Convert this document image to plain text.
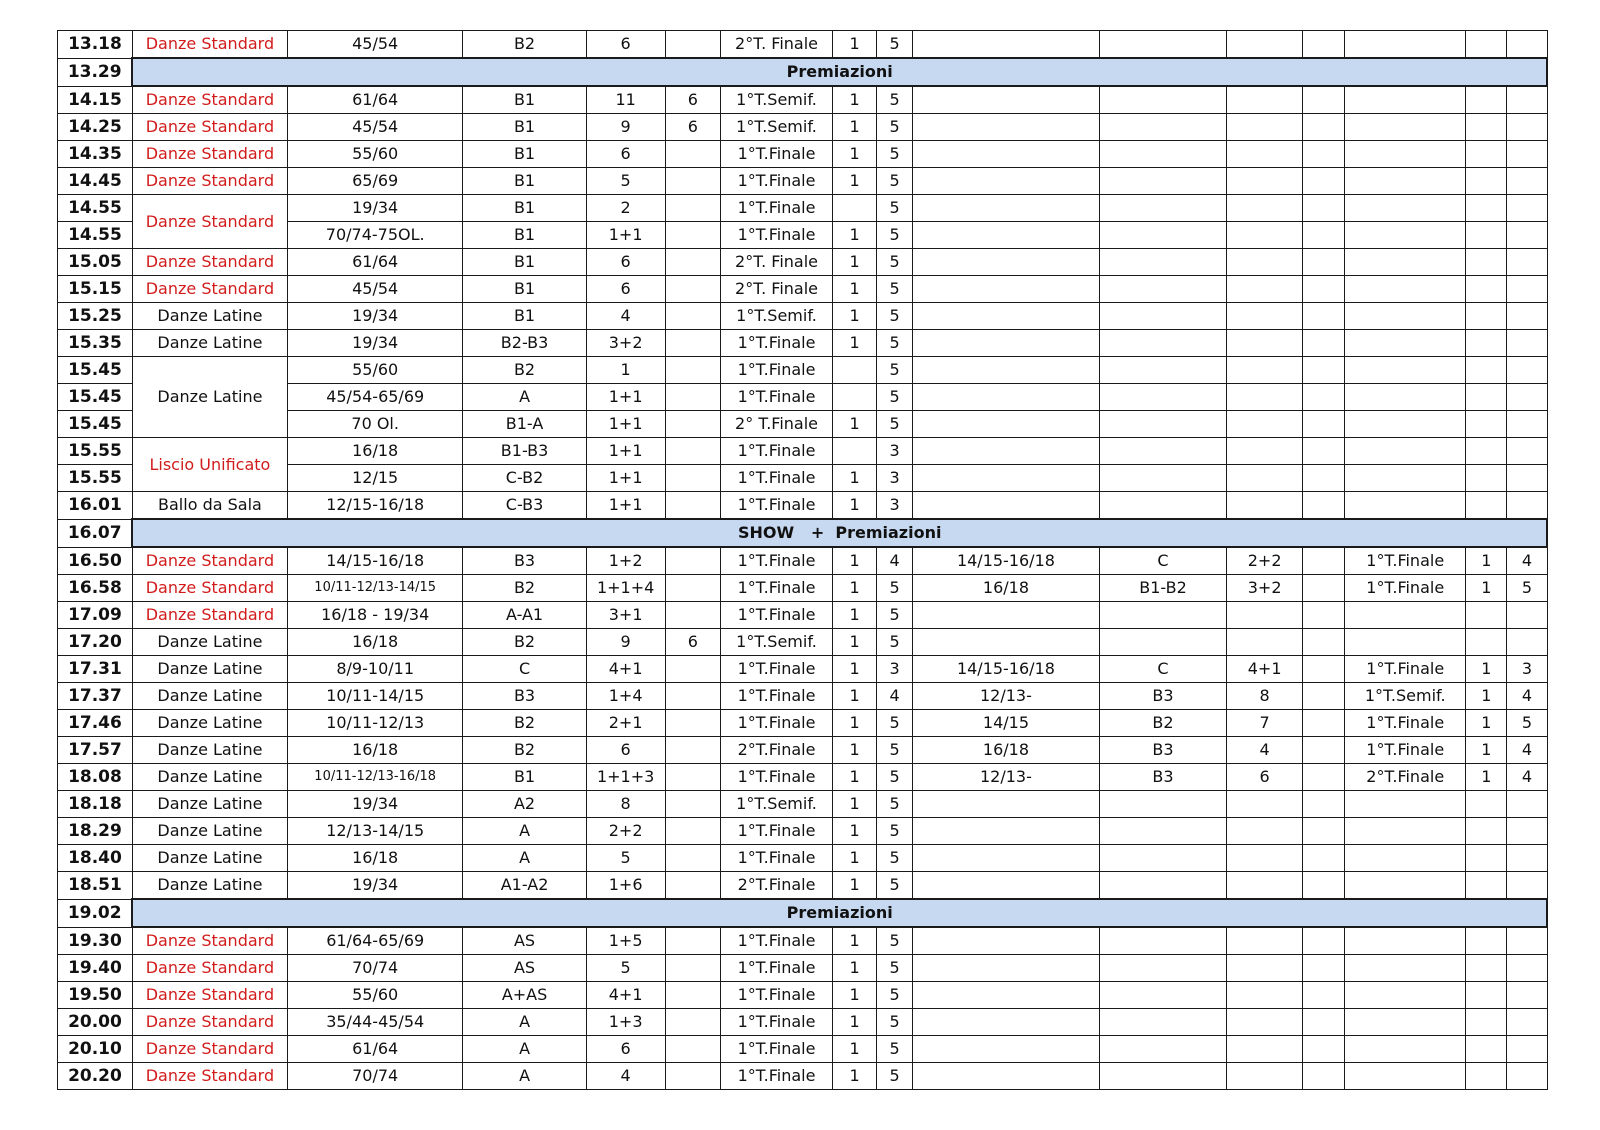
13.18	Danze Standard	45/54	B2	6		2°T. Finale	1	5							
13.29	Premiazioni														
14.15	Danze Standard	61/64	B1	11	6	1°T.Semif.	1	5							
14.25	Danze Standard	45/54	B1	9	6	1°T.Semif.	1	5							
14.35	Danze Standard	55/60	B1	6		1°T.Finale	1	5							
14.45	Danze Standard	65/69	B1	5		1°T.Finale	1	5							
14.55	Danze Standard	19/34	B1	2		1°T.Finale		5							
14.55		70/74-75OL.	B1	1+1		1°T.Finale	1	5							
15.05	Danze Standard	61/64	B1	6		2°T. Finale	1	5							
15.15	Danze Standard	45/54	B1	6		2°T. Finale	1	5							
15.25	Danze Latine	19/34	B1	4		1°T.Semif.	1	5							
15.35	Danze Latine	19/34	B2-B3	3+2		1°T.Finale	1	5							
15.45	Danze Latine	55/60	B2	1		1°T.Finale		5							
15.45		45/54-65/69	A	1+1		1°T.Finale		5							
15.45		70 Ol.	B1-A	1+1		2° T.Finale	1	5							
15.55	Liscio Unificato	16/18	B1-B3	1+1		1°T.Finale		3							
15.55		12/15	C-B2	1+1		1°T.Finale	1	3							
16.01	Ballo da Sala	12/15-16/18	C-B3	1+1		1°T.Finale	1	3							
16.07	SHOW   +  Premiazioni														
16.50	Danze Standard	14/15-16/18	B3	1+2		1°T.Finale	1	4	14/15-16/18	C	2+2		1°T.Finale	1	4
16.58	Danze Standard	10/11-12/13-14/15	B2	1+1+4		1°T.Finale	1	5	16/18	B1-B2	3+2		1°T.Finale	1	5
17.09	Danze Standard	16/18 - 19/34	A-A1	3+1		1°T.Finale	1	5							
17.20	Danze Latine	16/18	B2	9	6	1°T.Semif.	1	5							
17.31	Danze Latine	8/9-10/11	C	4+1		1°T.Finale	1	3	14/15-16/18	C	4+1		1°T.Finale	1	3
17.37	Danze Latine	10/11-14/15	B3	1+4		1°T.Finale	1	4	12/13-	B3	8		1°T.Semif.	1	4
17.46	Danze Latine	10/11-12/13	B2	2+1		1°T.Finale	1	5	14/15	B2	7		1°T.Finale	1	5
17.57	Danze Latine	16/18	B2	6		2°T.Finale	1	5	16/18	B3	4		1°T.Finale	1	4
18.08	Danze Latine	10/11-12/13-16/18	B1	1+1+3		1°T.Finale	1	5	12/13-	B3	6		2°T.Finale	1	4
18.18	Danze Latine	19/34	A2	8		1°T.Semif.	1	5							
18.29	Danze Latine	12/13-14/15	A	2+2		1°T.Finale	1	5							
18.40	Danze Latine	16/18	A	5		1°T.Finale	1	5							
18.51	Danze Latine	19/34	A1-A2	1+6		2°T.Finale	1	5							
19.02	Premiazioni														
19.30	Danze Standard	61/64-65/69	AS	1+5		1°T.Finale	1	5							
19.40	Danze Standard	70/74	AS	5		1°T.Finale	1	5							
19.50	Danze Standard	55/60	A+AS	4+1		1°T.Finale	1	5							
20.00	Danze Standard	35/44-45/54	A	1+3		1°T.Finale	1	5							
20.10	Danze Standard	61/64	A	6		1°T.Finale	1	5							
20.20	Danze Standard	70/74	A	4		1°T.Finale	1	5							
